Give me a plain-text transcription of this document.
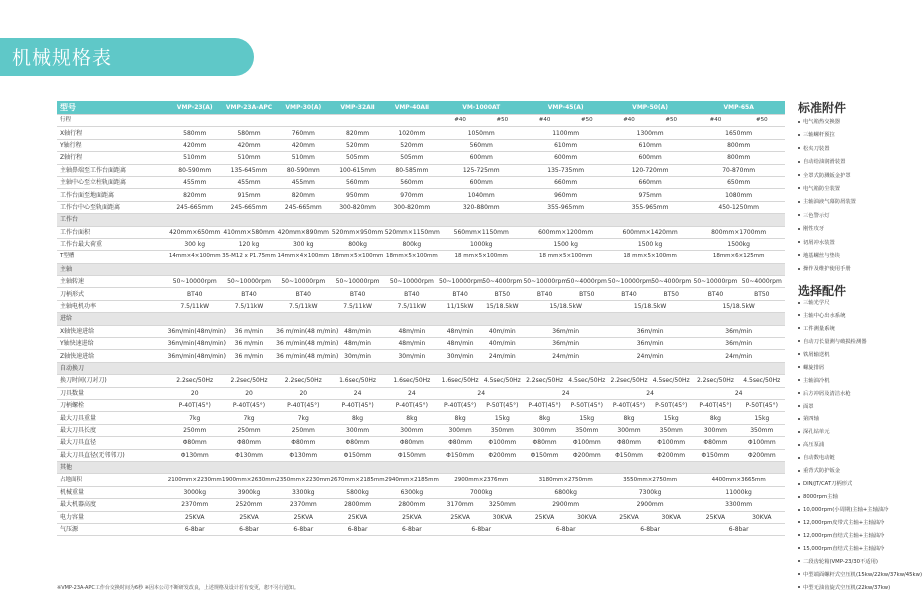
机械规格表
型号	VMP-23(A)	VMP-23A-APC	VMP-30(A)	VMP-32AⅡ	VMP-40AⅡ	VM-1000AT		VMP-45(A)		VMP-50(A)		VMP-65A	
行程						#40	#50	#40	#50	#40	#50	#40	#50
X轴行程	580mm	580mm	760mm	820mm	1020mm	1050mm		1100mm		1300mm		1650mm	
Y轴行程	420mm	420mm	420mm	520mm	520mm	560mm		610mm		610mm		800mm	
Z轴行程	510mm	510mm	510mm	505mm	505mm	600mm		600mm		600mm		800mm	
主轴鼻端至工作台面距离	80-590mm	135-645mm	80-590mm	100-615mm	80-585mm	125-725mm		135-735mm		120-720mm		70-870mm	
主轴中心至立柱轨面距离	455mm	455mm	455mm	560mm	560mm	600mm		660mm		660mm		650mm	
工作台面至地面距离	820mm	915mm	820mm	950mm	970mm	1040mm		960mm		975mm		1080mm	
工作台中心至轨面距离	245-665mm	245-665mm	245-665mm	300-820mm	300-820mm	320-880mm		355-965mm		355-965mm		450-1250mm	
工作台													
工作台面积	420mm×650mm	410mm×580mm	420mm×890mm	520mm×950mm	520mm×1150mm	560mm×1150mm		600mm×1200mm		600mm×1420mm		800mm×1700mm	
工作台最大荷重	300 kg	120 kg	300 kg	800kg	800kg	1000kg		1500 kg		1500 kg		1500kg	
T型槽	14mm×4×100mm	35-M12 x P1.75mm	14mm×4×100mm	18mm×5×100mm	18mm×5×100mm	18 mm×5×100mm		18 mm×5×100mm		18 mm×5×100mm		18mm×6×125mm	
主轴													
主轴转速	50~10000rpm	50~10000rpm	50~10000rpm	50~10000rpm	50~10000rpm	50~10000rpm	50~4000rpm	50~10000rpm	50~4000rpm	50~10000rpm	50~4000rpm	50~10000rpm	50~4000rpm
刀柄形式	BT40	BT40	BT40	BT40	BT40	BT40	BT50	BT40	BT50	BT40	BT50	BT40	BT50
主轴电机功率	7.5/11kW	7.5/11kW	7.5/11kW	7.5/11kW	7.5/11kW	11/15kW	15/18.5kW	15/18.5kW		15/18.5kW		15/18.5kW	
进给													
X轴快速进给	36m/min(48m/min)	36 m/min	36 m/min(48 m/min)	48m/min	48m/min	48m/min	40m/min	36m/min		36m/min		36m/min	
Y轴快速进给	36m/min(48m/min)	36 m/min	36 m/min(48 m/min)	48m/min	48m/min	48m/min	40m/min	36m/min		36m/min		36m/min	
Z轴快速进给	36m/min(48m/min)	36 m/min	36 m/min(48 m/min)	30m/min	30m/min	30m/min	24m/min	24m/min		24m/min		24m/min	
自动换刀													
换刀时间(刀对刀)	2.2sec/50Hz	2.2sec/50Hz	2.2sec/50Hz	1.6sec/50Hz	1.6sec/50Hz	1.6sec/50Hz	4.5sec/50Hz	2.2sec/50Hz	4.5sec/50Hz	2.2sec/50Hz	4.5sec/50Hz	2.2sec/50Hz	4.5sec/50Hz
刀具数量	20	20	20	24	24	24		24		24		24	
刀柄螺栓	P-40T(45°)	P-40T(45°)	P-40T(45°)	P-40T(45°)	P-40T(45°)	P-40T(45°)	P-50T(45°)	P-40T(45°)	P-50T(45°)	P-40T(45°)	P-50T(45°)	P-40T(45°)	P-50T(45°)
最大刀具重量	7kg	7kg	7kg	8kg	8kg	8kg	15kg	8kg	15kg	8kg	15kg	8kg	15kg
最大刀具长度	250mm	250mm	250mm	300mm	300mm	300mm	350mm	300mm	350mm	300mm	350mm	300mm	350mm
最大刀具直径	Φ80mm	Φ80mm	Φ80mm	Φ80mm	Φ80mm	Φ80mm	Φ100mm	Φ80mm	Φ100mm	Φ80mm	Φ100mm	Φ80mm	Φ100mm
最大刀具直径(无邻邻刀)	Φ130mm	Φ130mm	Φ130mm	Φ150mm	Φ150mm	Φ150mm	Φ200mm	Φ150mm	Φ200mm	Φ150mm	Φ200mm	Φ150mm	Φ200mm
其他													
占地面积	2100mm×2230mm	1900mm×2630mm	2350mm×2230mm	2670mm×2185mm	2940mm×2185mm	2900mm×2376mm		3180mm×2750mm		3550mm×2750mm		4400mm×3665mm	
机械重量	3000kg	3900kg	3300kg	5800kg	6300kg	7000kg		6800kg		7300kg		11000kg	
最大机器高度	2370mm	2520mm	2370mm	2800mm	2800mm	3170mm	3250mm	2900mm		2900mm		3300mm	
电力容量	25KVA	25KVA	25KVA	25KVA	25KVA	25KVA	30KVA	25KVA	30KVA	25KVA	30KVA	25KVA	30KVA
气压源	6-8bar	6-8bar	6-8bar	6-8bar	6-8bar	6-8bar		6-8bar		6-8bar		6-8bar	
※VMP-23A-APC工作台交换时间为6秒 ※因本公司不断研发改良，上述规格及设计若有变更，恕不另行通知。
标准附件
电气箱热交换器
三轴螺杆预拉
松夹刀装置
自动给油润滑装置
全罩式防溅钣金护罩
电气箱防尘装置
主轴油液气幕防屑装置
三色警示灯
刚性攻牙
切屑冲水装置
地基螺丝与垫块
操作及维护使用手册
选择配件
三轴光学尺
主轴中心出水系统
工件测量系统
自动刀长量测与破损检测器
铁屑输送机
螺旋排屑
主轴油冷机
后方冲屑及清洁水枪
面罩
第四轴
深孔钻单元
高压泵浦
自动数电动链
重背式防护钣金
DIN/JT/CAT刀柄形式
8000rpm主轴
10,000rpm(小周期)主轴+主轴油冷
12,000rpm皮带式主轴+主轴油冷
12,000rpm直结式主轴+主轴油冷
15,000rpm直结式主轴+主轴油冷
二段齿轮箱(VMP-23/30不适用)
中型端面螺杆式空压机(15kw/22kw/37kw/45kw)
中型无油齿旋式空压机(22kw/37kw)
